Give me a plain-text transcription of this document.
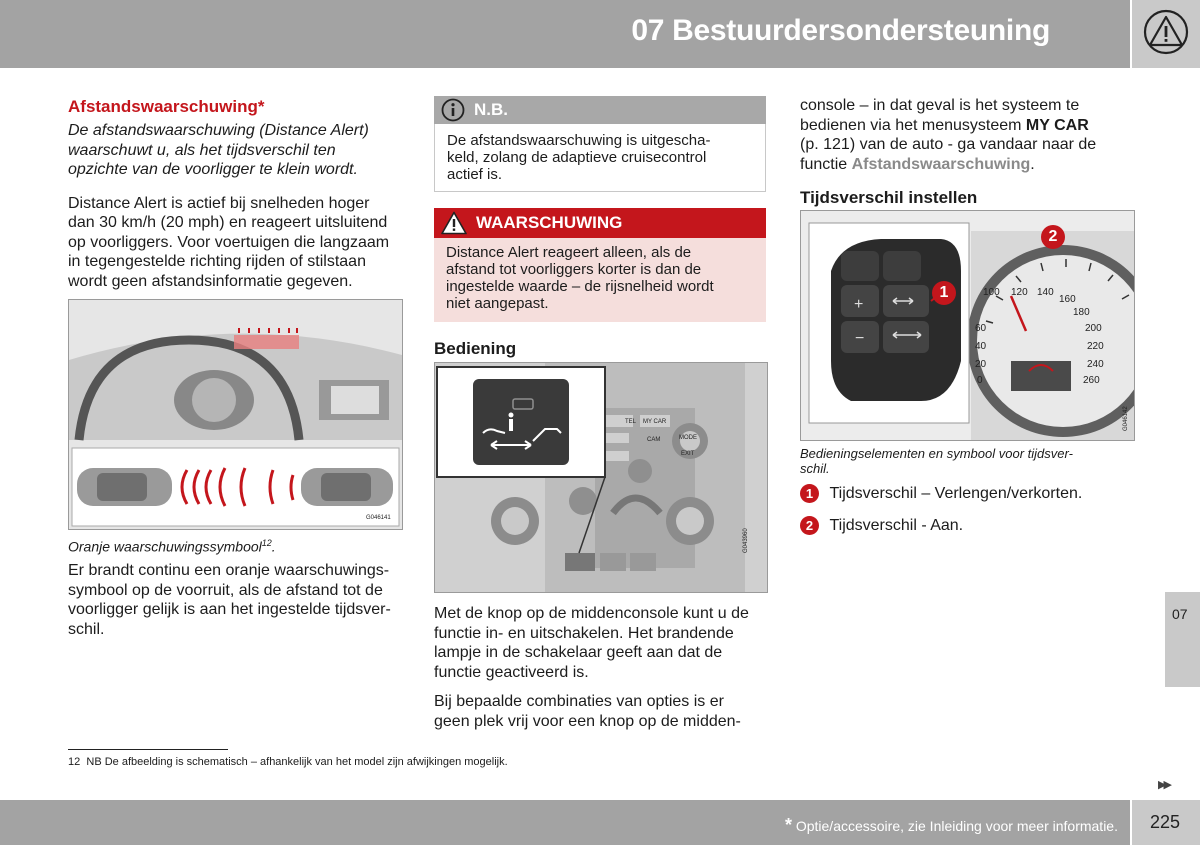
07 Bestuurdersondersteuning
Afstandswaarschuwing*
De afstandswaarschuwing (Distance Alert)
waarschuwt u, als het tijdsverschil ten
opzichte van de voorligger te klein wordt.
Distance Alert is actief bij snelheden hoger
dan 30 km/h (20 mph) en reageert uitsluitend
op voorliggers. Voor voertuigen die langzaam
in tegengestelde richting rijden of stilstaan
wordt geen afstandsinformatie gegeven.
G046141
Oranje waarschuwingssymbool$^{12}$.
Er brandt continu een oranje waarschuwings-
symbool op de voorruit, als de afstand tot de
voorligger gelijk is aan het ingestelde tijdsver-
schil.
N.B.
De afstandswaarschuwing is uitgescha-
keld, zolang de adaptieve cruisecontrol
actief is.
WAARSCHUWING
Distance Alert reageert alleen, als de
afstand tot voorliggers korter is dan de
ingestelde waarde – de rijsnelheid wordt
niet aangepast.
Bediening
TEL MY CAR
CAM	MODE
EXIT
G043960
Met de knop op de middenconsole kunt u de
functie in- en uitschakelen. Het brandende
lampje in de schakelaar geeft aan dat de
functie geactiveerd is.
Bij bepaalde combinaties van opties is er
geen plek vrij voor een knop op de midden-
console – in dat geval is het systeem te
bedienen via het menusysteem MY CAR
(p. 121) van de auto - ga vandaar naar de
functie Afstandswaarschuwing.
Tijdsverschil instellen
+
−
100 120 140
160
180
200
220
240
260
60
40
20
0
1
2
G046142
Bedieningselementen en symbool voor tijdsver-
schil.
1 Tijdsverschil – Verlengen/verkorten.
2 Tijdsverschil - Aan.
07
12 NB De afbeelding is schematisch – afhankelijk van het model zijn afwijkingen mogelijk.
▶▶
* Optie/accessoire, zie Inleiding voor meer informatie. 225
